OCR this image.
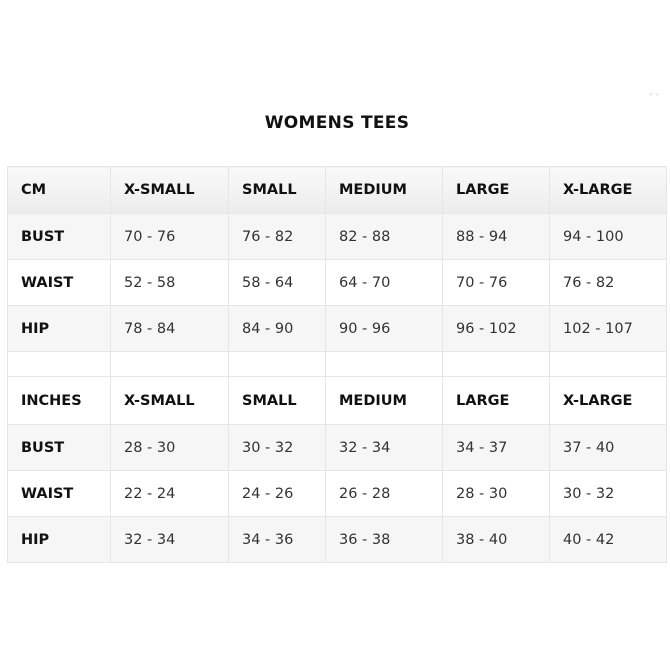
⌜⌝
WOMENS TEES
CM	X-SMALL	SMALL	MEDIUM	LARGE	X-LARGE
BUST	70 - 76	76 - 82	82 - 88	88 - 94	94 - 100
WAIST	52 - 58	58 - 64	64 - 70	70 - 76	76 - 82
HIP	78 - 84	84 - 90	90 - 96	96 - 102	102 - 107

INCHES	X-SMALL	SMALL	MEDIUM	LARGE	X-LARGE
BUST	28 - 30	30 - 32	32 - 34	34 - 37	37 - 40
WAIST	22 - 24	24 - 26	26 - 28	28 - 30	30 - 32
HIP	32 - 34	34 - 36	36 - 38	38 - 40	40 - 42
